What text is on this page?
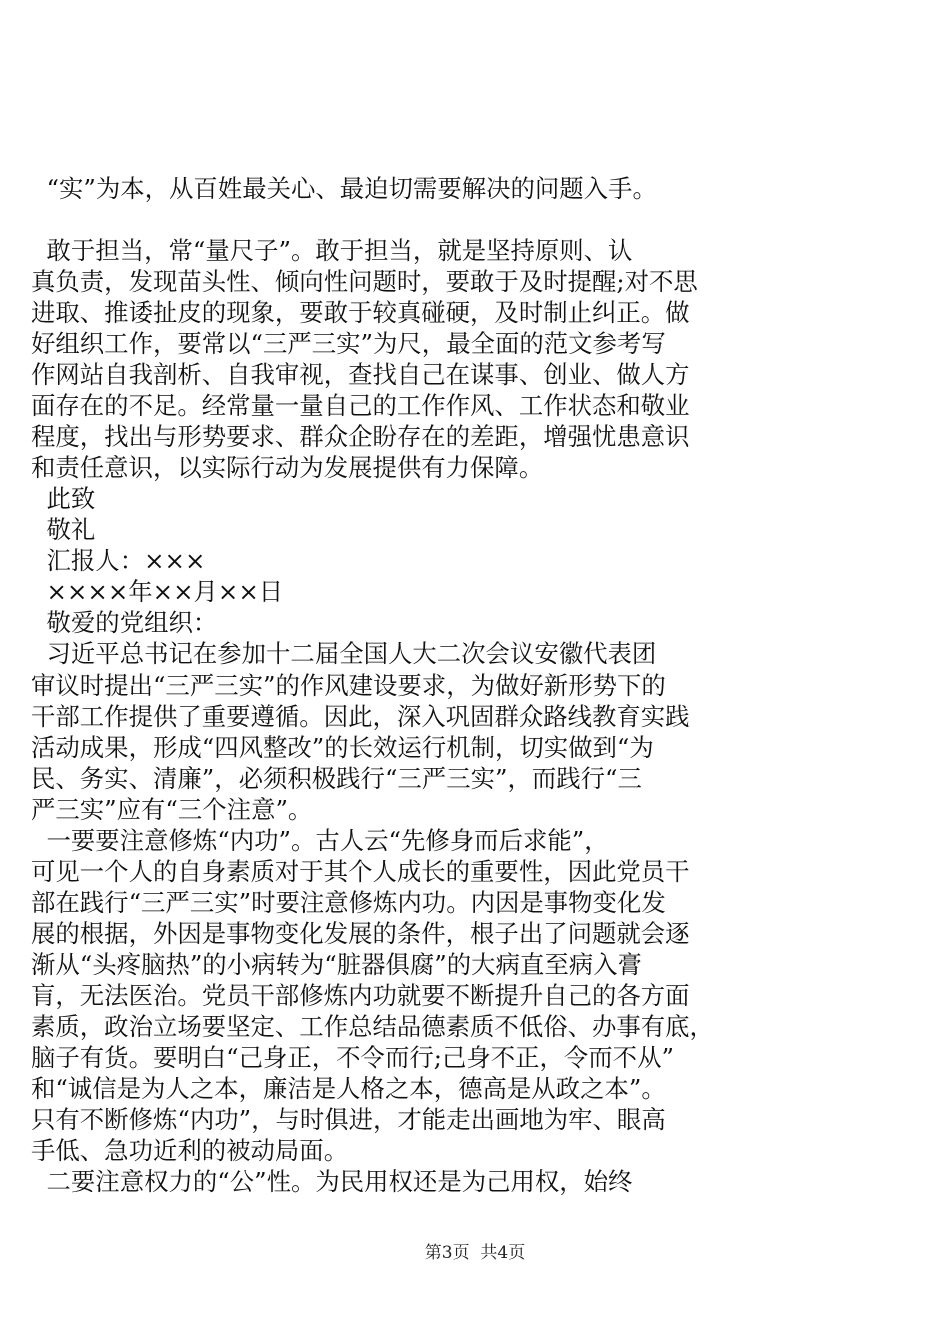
“实”为本，从百姓最关心、最迫切需要解决的问题入手。
敢于担当，常“量尺子”。敢于担当，就是坚持原则、认
真负责，发现苗头性、倾向性问题时，要敢于及时提醒;对不思
进取、推诿扯皮的现象，要敢于较真碰硬，及时制止纠正。做
好组织工作，要常以“三严三实”为尺，最全面的范文参考写
作网站自我剖析、自我审视，查找自己在谋事、创业、做人方
面存在的不足。经常量一量自己的工作作风、工作状态和敬业
程度，找出与形势要求、群众企盼存在的差距，增强忧患意识
和责任意识，以实际行动为发展提供有力保障。
此致
敬礼
汇报人：×××
××××年××月××日
敬爱的党组织：
习近平总书记在参加十二届全国人大二次会议安徽代表团
审议时提出“三严三实”的作风建设要求，为做好新形势下的
干部工作提供了重要遵循。因此，深入巩固群众路线教育实践
活动成果，形成“四风整改”的长效运行机制，切实做到“为
民、务实、清廉”，必须积极践行“三严三实”，而践行“三
严三实”应有“三个注意”。
一要要注意修炼“内功”。古人云“先修身而后求能”，
可见一个人的自身素质对于其个人成长的重要性，因此党员干
部在践行“三严三实”时要注意修炼内功。内因是事物变化发
展的根据，外因是事物变化发展的条件，根子出了问题就会逐
渐从“头疼脑热”的小病转为“脏器俱腐”的大病直至病入膏
肓，无法医治。党员干部修炼内功就要不断提升自己的各方面
素质，政治立场要坚定、工作总结品德素质不低俗、办事有底，
脑子有货。要明白“己身正，不令而行;己身不正，令而不从”
和“诚信是为人之本，廉洁是人格之本，德高是从政之本”。
只有不断修炼“内功”，与时俱进，才能走出画地为牢、眼高
手低、急功近利的被动局面。
二要注意权力的“公”性。为民用权还是为己用权，始终
第3页  共4页
